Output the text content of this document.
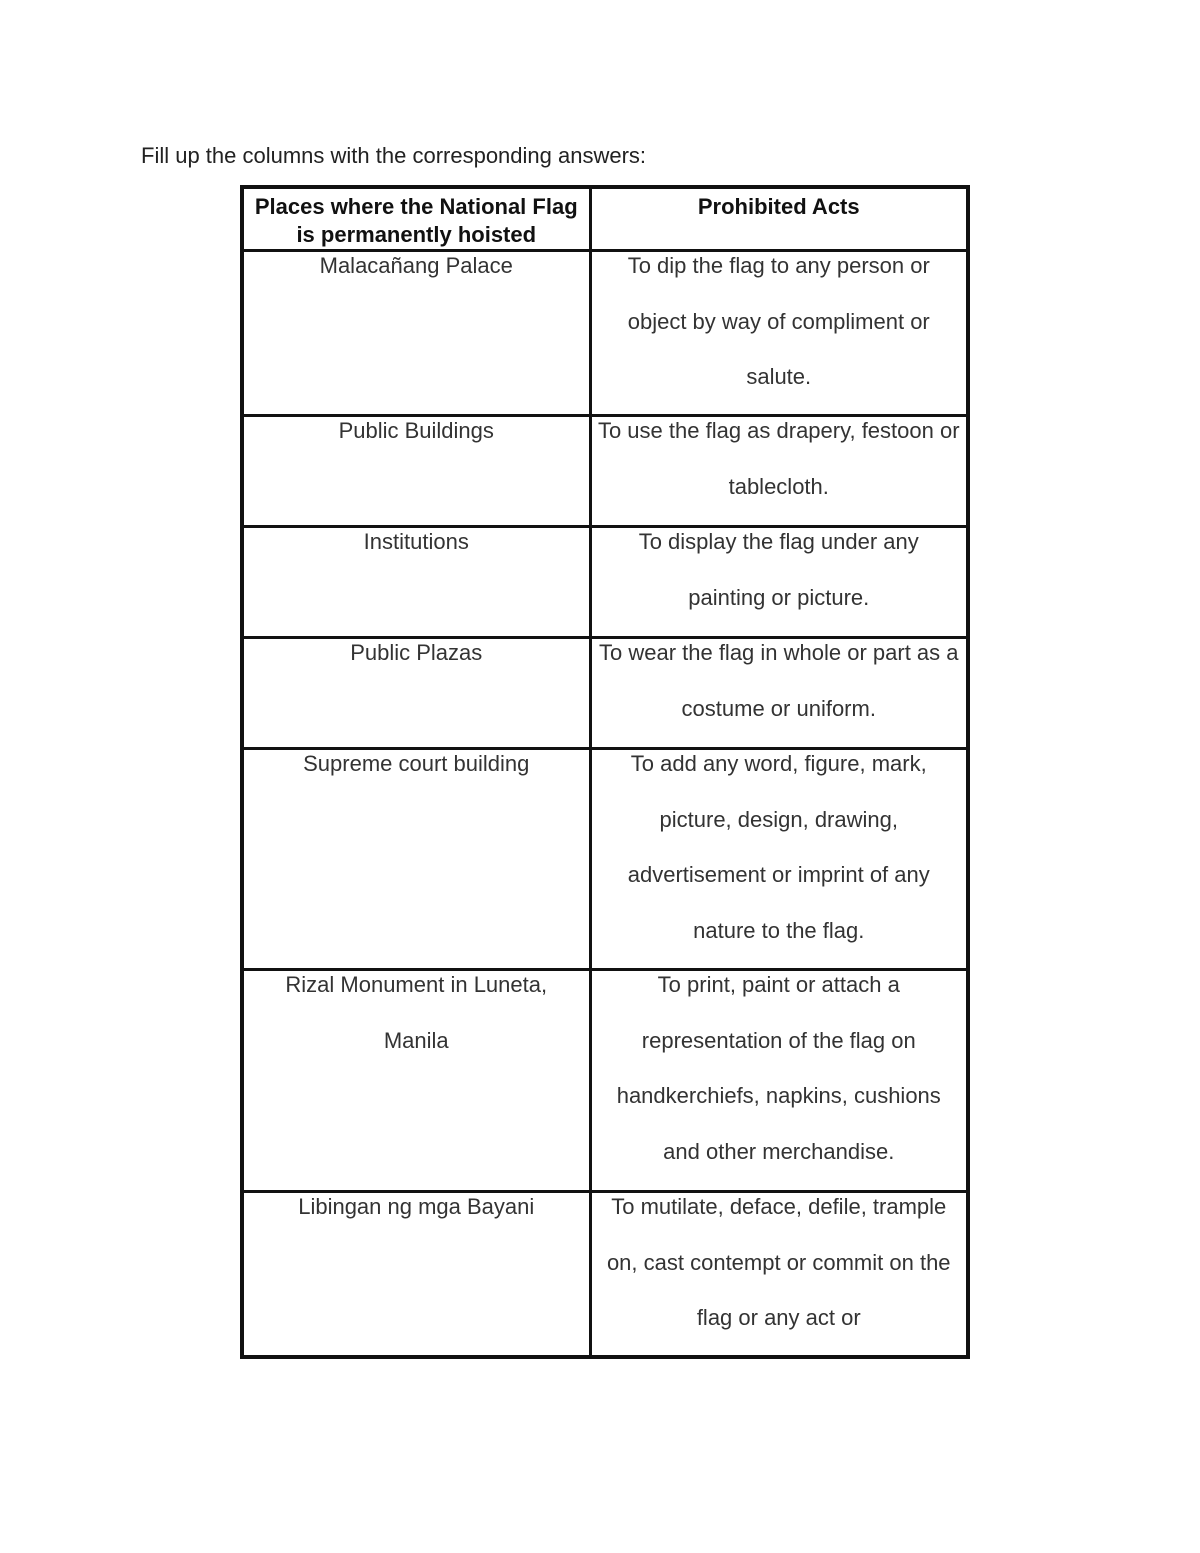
Fill up the columns with the corresponding answers:
Places where the National Flag is permanently hoisted	Prohibited Acts

Malacañang Palace	To dip the flag to any person or object by way of compliment or salute.

Public Buildings	To use the flag as drapery, festoon or tablecloth.

Institutions	To display the flag under any painting or picture.

Public Plazas	To wear the flag in whole or part as a costume or uniform.

Supreme court building	To add any word, figure, mark, picture, design, drawing, advertisement or imprint of any nature to the flag.

Rizal Monument in Luneta, Manila	To print, paint or attach a representation of the flag on handkerchiefs, napkins, cushions and other merchandise.

Libingan ng mga Bayani	To mutilate, deface, defile, trample on, cast contempt or commit on the flag or any act or
